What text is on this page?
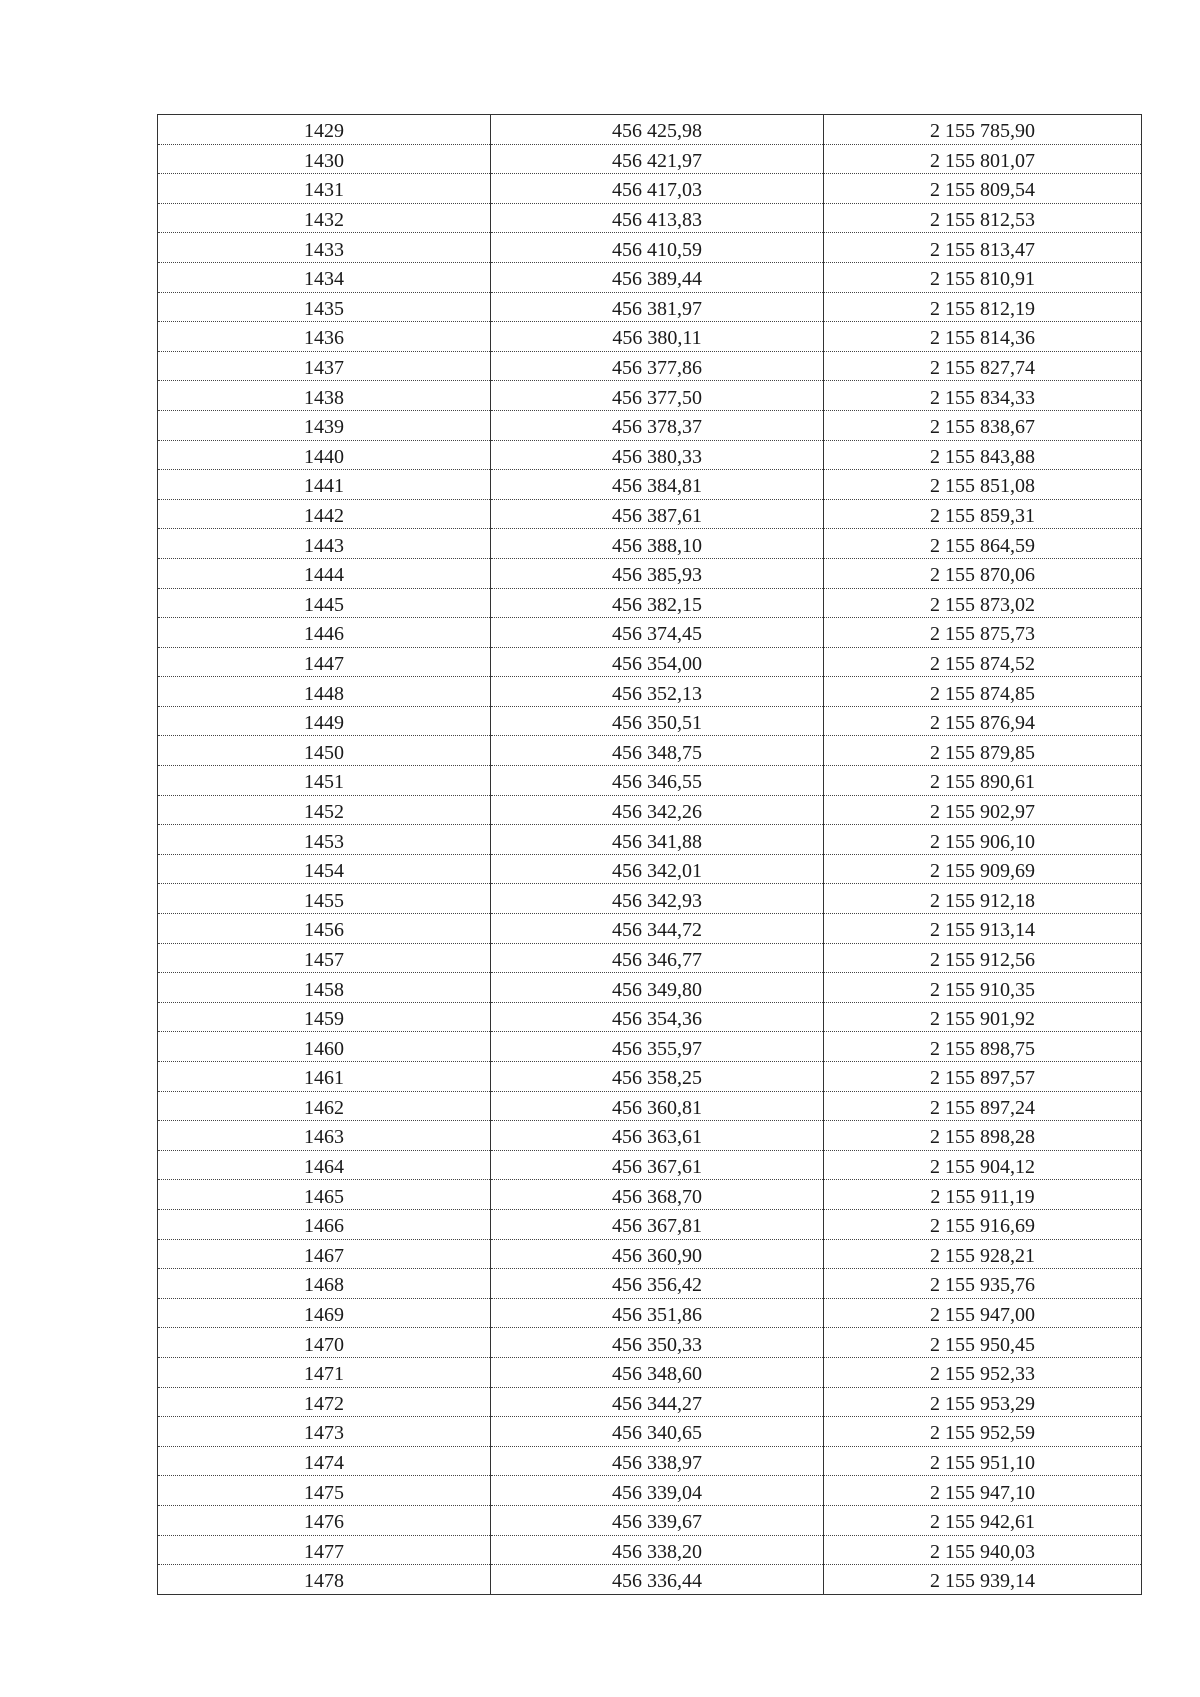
1429	456 425,98	2 155 785,90
1430	456 421,97	2 155 801,07
1431	456 417,03	2 155 809,54
1432	456 413,83	2 155 812,53
1433	456 410,59	2 155 813,47
1434	456 389,44	2 155 810,91
1435	456 381,97	2 155 812,19
1436	456 380,11	2 155 814,36
1437	456 377,86	2 155 827,74
1438	456 377,50	2 155 834,33
1439	456 378,37	2 155 838,67
1440	456 380,33	2 155 843,88
1441	456 384,81	2 155 851,08
1442	456 387,61	2 155 859,31
1443	456 388,10	2 155 864,59
1444	456 385,93	2 155 870,06
1445	456 382,15	2 155 873,02
1446	456 374,45	2 155 875,73
1447	456 354,00	2 155 874,52
1448	456 352,13	2 155 874,85
1449	456 350,51	2 155 876,94
1450	456 348,75	2 155 879,85
1451	456 346,55	2 155 890,61
1452	456 342,26	2 155 902,97
1453	456 341,88	2 155 906,10
1454	456 342,01	2 155 909,69
1455	456 342,93	2 155 912,18
1456	456 344,72	2 155 913,14
1457	456 346,77	2 155 912,56
1458	456 349,80	2 155 910,35
1459	456 354,36	2 155 901,92
1460	456 355,97	2 155 898,75
1461	456 358,25	2 155 897,57
1462	456 360,81	2 155 897,24
1463	456 363,61	2 155 898,28
1464	456 367,61	2 155 904,12
1465	456 368,70	2 155 911,19
1466	456 367,81	2 155 916,69
1467	456 360,90	2 155 928,21
1468	456 356,42	2 155 935,76
1469	456 351,86	2 155 947,00
1470	456 350,33	2 155 950,45
1471	456 348,60	2 155 952,33
1472	456 344,27	2 155 953,29
1473	456 340,65	2 155 952,59
1474	456 338,97	2 155 951,10
1475	456 339,04	2 155 947,10
1476	456 339,67	2 155 942,61
1477	456 338,20	2 155 940,03
1478	456 336,44	2 155 939,14
